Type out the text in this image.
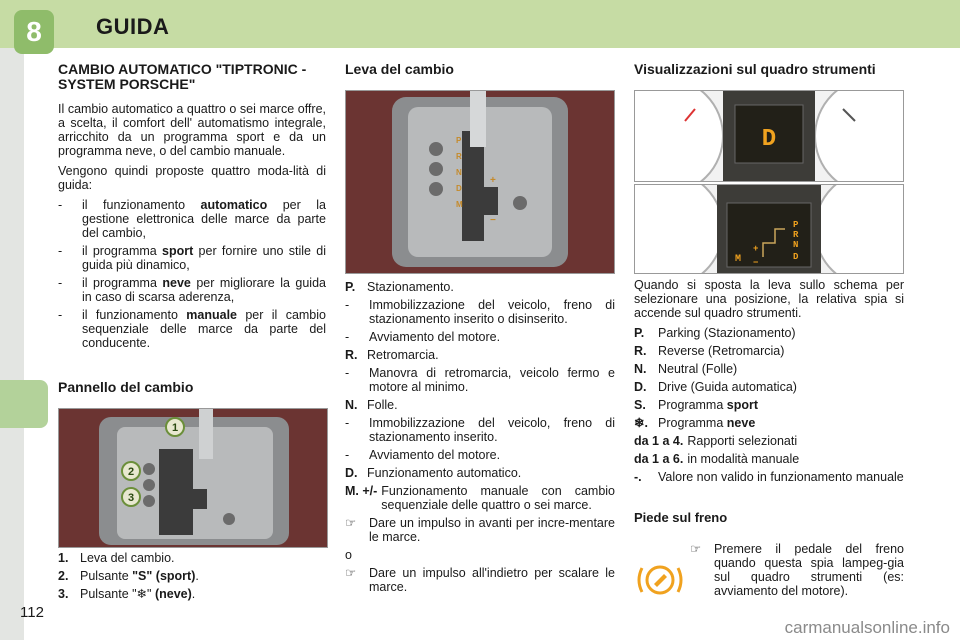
8	GUIDA
CAMBIO AUTOMATICO "TIPTRONIC - SYSTEM PORSCHE"

Il cambio automatico a quattro o sei marce offre, a scelta, il comfort dell' automatismo integrale, arricchito da un programma sport e da un programma neve, o del cambio manuale.

Vengono quindi proposte quattro moda-lità di guida:

-	il funzionamento automatico per la gestione elettronica delle marce da parte del cambio,
-	il programma sport per fornire uno stile di guida più dinamico,
-	il programma neve per migliorare la guida in caso di scarsa aderenza,
-	il funzionamento manuale per il cambio sequenziale delle marce da parte del conducente.
Pannello del cambio
1
2
3
1. Leva del cambio.
2. Pulsante "S" (sport).
3. Pulsante "❄" (neve).
Leva del cambio
P
R
N
D
M
+
−
P. Stazionamento.
-	Immobilizzazione del veicolo, freno di stazionamento inserito o disinserito.
-	Avviamento del motore.
R. Retromarcia.
-	Manovra di retromarcia, veicolo fermo e motore al minimo.
N. Folle.
-	Immobilizzazione del veicolo, freno di stazionamento inserito.
-	Avviamento del motore.
D. Funzionamento automatico.
M. +/- Funzionamento manuale con cambio sequenziale delle quattro o sei marce.
☞	Dare un impulso in avanti per incre-mentare le marce.
o
☞	Dare un impulso all'indietro per scalare le marce.
Visualizzazioni sul quadro strumenti
D
P
R
N
D
M
+
−

Quando si sposta la leva sullo schema per selezionare una posizione, la relativa spia si accende sul quadro strumenti.

P.	Parking (Stazionamento)
R. Reverse (Retromarcia)
N. Neutral (Folle)
D. Drive (Guida automatica)
S. Programma sport
❄. Programma neve
da 1 a 4. Rapporti selezionati
da 1 a 6. in modalità manuale
-.	Valore non valido in funzionamento manuale
Piede sul freno
☞	Premere il pedale del freno quando questa spia lampeg-gia sul quadro strumenti (es: avviamento del motore).
112
carmanualsonline.info
